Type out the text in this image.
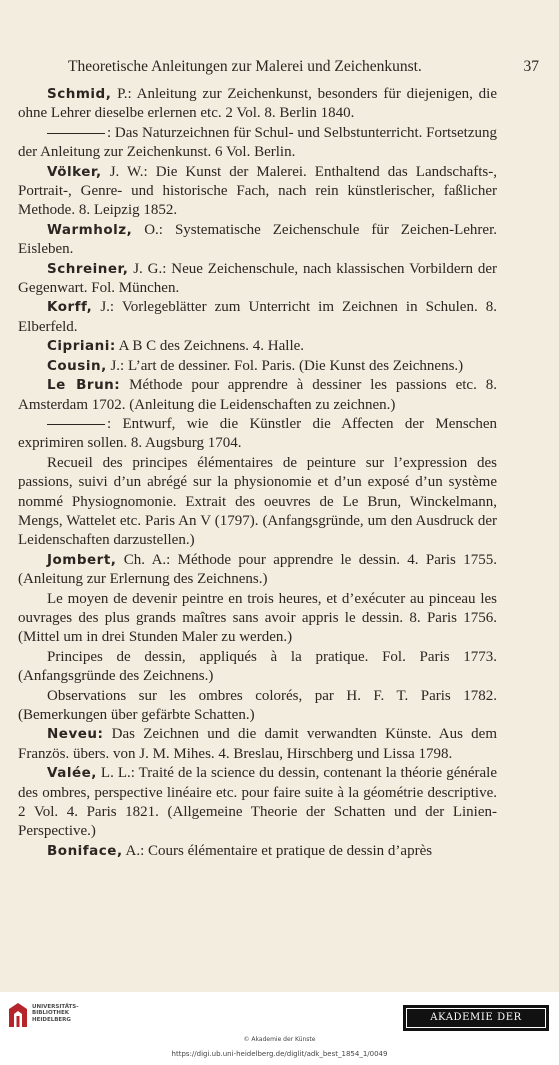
Theoretische Anleitungen zur Malerei und Zeichenkunst.	37

Schmid, P.: Anleitung zur Zeichenkunst, besonders für diejenigen, die ohne Lehrer dieselbe erlernen etc. 2 Vol. 8. Berlin 1840.

: Das Naturzeichnen für Schul- und Selbstunterricht. Fortsetzung der Anleitung zur Zeichenkunst. 6 Vol. Berlin.

Völker, J. W.: Die Kunst der Malerei. Enthaltend das Landschafts-, Portrait-, Genre- und historische Fach, nach rein künstlerischer, faßlicher Methode. 8. Leipzig 1852.

Warmholz, O.: Systematische Zeichenschule für Zeichen-Lehrer. Eisleben.

Schreiner, J. G.: Neue Zeichenschule, nach klassischen Vorbildern der Gegenwart. Fol. München.

Korff, J.: Vorlegeblätter zum Unterricht im Zeichnen in Schulen. 8. Elberfeld.

Cipriani: A B C des Zeichnens. 4. Halle.

Cousin, J.: L’art de dessiner. Fol. Paris. (Die Kunst des Zeichnens.)

Le Brun: Méthode pour apprendre à dessiner les passions etc. 8. Amsterdam 1702. (Anleitung die Leidenschaften zu zeichnen.)

: Entwurf, wie die Künstler die Affecten der Menschen exprimiren sollen. 8. Augsburg 1704.

Recueil des principes élémentaires de peinture sur l’expression des passions, suivi d’un abrégé sur la physionomie et d’un exposé d’un système nommé Physiognomonie. Extrait des oeuvres de Le Brun, Winckelmann, Mengs, Wattelet etc. Paris An V (1797). (Anfangsgründe, um den Ausdruck der Leidenschaften darzustellen.)

Jombert, Ch. A.: Méthode pour apprendre le dessin. 4. Paris 1755. (Anleitung zur Erlernung des Zeichnens.)

Le moyen de devenir peintre en trois heures, et d’exécuter au pinceau les ouvrages des plus grands maîtres sans avoir appris le dessin. 8. Paris 1756. (Mittel um in drei Stunden Maler zu werden.)

Principes de dessin, appliqués à la pratique. Fol. Paris 1773. (Anfangsgründe des Zeichnens.)

Observations sur les ombres colorés, par H. F. T. Paris 1782. (Bemerkungen über gefärbte Schatten.)

Neveu: Das Zeichnen und die damit verwandten Künste. Aus dem Französ. übers. von J. M. Mihes. 4. Breslau, Hirschberg und Lissa 1798.

Valée, L. L.: Traité de la science du dessin, contenant la théorie générale des ombres, perspective linéaire etc. pour faire suite à la géométrie descriptive. 2 Vol. 4. Paris 1821. (Allgemeine Theorie der Schatten und der Linien-Perspective.)

Boniface, A.: Cours élémentaire et pratique de dessin d’après

UNIVERSITÄTS-
BIBLIOTHEK
HEIDELBERG	AKADEMIE DER KÜNSTE
© Akademie der Künste
https://digi.ub.uni-heidelberg.de/diglit/adk_best_1854_1/0049
